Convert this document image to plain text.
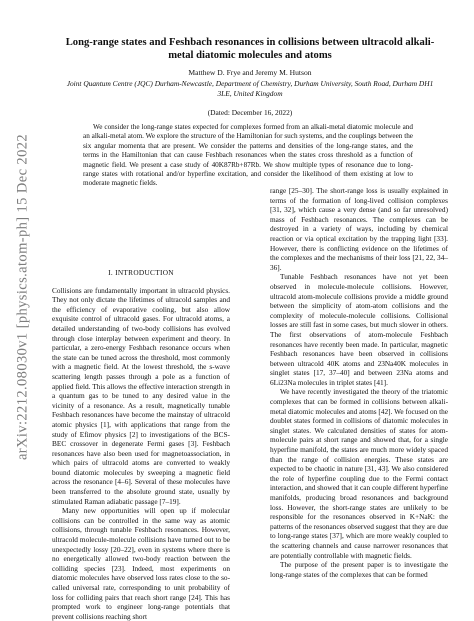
arXiv:2212.08030v1 [physics.atom-ph] 15 Dec 2022
Long-range states and Feshbach resonances in collisions between ultracold alkali-metal diatomic molecules and atoms
Matthew D. Frye and Jeremy M. Hutson
Joint Quantum Centre (JQC) Durham-Newcastle, Department of Chemistry, Durham University, South Road, Durham DH1 3LE, United Kingdom
(Dated: December 16, 2022)

We consider the long-range states expected for complexes formed from an alkali-metal diatomic molecule and an alkali-metal atom. We explore the structure of the Hamiltonian for such systems, and the couplings between the six angular momenta that are present. We consider the patterns and densities of the long-range states, and the terms in the Hamiltonian that can cause Feshbach resonances when the states cross threshold as a function of magnetic field. We present a case study of 40K87Rb+87Rb. We show multiple types of resonance due to long-range states with rotational and/or hyperfine excitation, and consider the likelihood of them existing at low to moderate magnetic fields.

I. INTRODUCTION

Collisions are fundamentally important in ultracold physics. They not only dictate the lifetimes of ultracold samples and the efficiency of evaporative cooling, but also allow exquisite control of ultracold gases. For ultracold atoms, a detailed understanding of two-body collisions has evolved through close interplay between experiment and theory. In particular, a zero-energy Feshbach resonance occurs when the state can be tuned across the threshold, most commonly with a magnetic field. At the lowest threshold, the s-wave scattering length passes through a pole as a function of applied field. This allows the effective interaction strength in a quantum gas to be tuned to any desired value in the vicinity of a resonance. As a result, magnetically tunable Feshbach resonances have become the mainstay of ultracold atomic physics [1], with applications that range from the study of Efimov physics [2] to investigations of the BCS-BEC crossover in degenerate Fermi gases [3]. Feshbach resonances have also been used for magnetoassociation, in which pairs of ultracold atoms are converted to weakly bound diatomic molecules by sweeping a magnetic field across the resonance [4–6]. Several of these molecules have been transferred to the absolute ground state, usually by stimulated Raman adiabatic passage [7–19].

Many new opportunities will open up if molecular collisions can be controlled in the same way as atomic collisions, through tunable Feshbach resonances. However, ultracold molecule-molecule collisions have turned out to be unexpectedly lossy [20–22], even in systems where there is no energetically allowed two-body reaction between the colliding species [23]. Indeed, most experiments on diatomic molecules have observed loss rates close to the so-called universal rate, corresponding to unit probability of loss for colliding pairs that reach short range [24]. This has prompted work to engineer long-range potentials that prevent collisions reaching short

range [25–30]. The short-range loss is usually explained in terms of the formation of long-lived collision complexes [31, 32], which cause a very dense (and so far unresolved) mass of Feshbach resonances. The complexes can be destroyed in a variety of ways, including by chemical reaction or via optical excitation by the trapping light [33]. However, there is conflicting evidence on the lifetimes of the complexes and the mechanisms of their loss [21, 22, 34–36].

Tunable Feshbach resonances have not yet been observed in molecule-molecule collisions. However, ultracold atom-molecule collisions provide a middle ground between the simplicity of atom-atom collisions and the complexity of molecule-molecule collisions. Collisional losses are still fast in some cases, but much slower in others. The first observations of atom-molecule Feshbach resonances have recently been made. In particular, magnetic Feshbach resonances have been observed in collisions between ultracold 40K atoms and 23Na40K molecules in singlet states [17, 37–40] and between 23Na atoms and 6Li23Na molecules in triplet states [41].

We have recently investigated the theory of the triatomic complexes that can be formed in collisions between alkali-metal diatomic molecules and atoms [42]. We focused on the doublet states formed in collisions of diatomic molecules in singlet states. We calculated densities of states for atom-molecule pairs at short range and showed that, for a single hyperfine manifold, the states are much more widely spaced than the range of collision energies. These states are expected to be chaotic in nature [31, 43]. We also considered the role of hyperfine coupling due to the Fermi contact interaction, and showed that it can couple different hyperfine manifolds, producing broad resonances and background loss. However, the short-range states are unlikely to be responsible for the resonances observed in K+NaK: the patterns of the resonances observed suggest that they are due to long-range states [37], which are more weakly coupled to the scattering channels and cause narrower resonances that are potentially controllable with magnetic fields.

The purpose of the present paper is to investigate the long-range states of the complexes that can be formed
